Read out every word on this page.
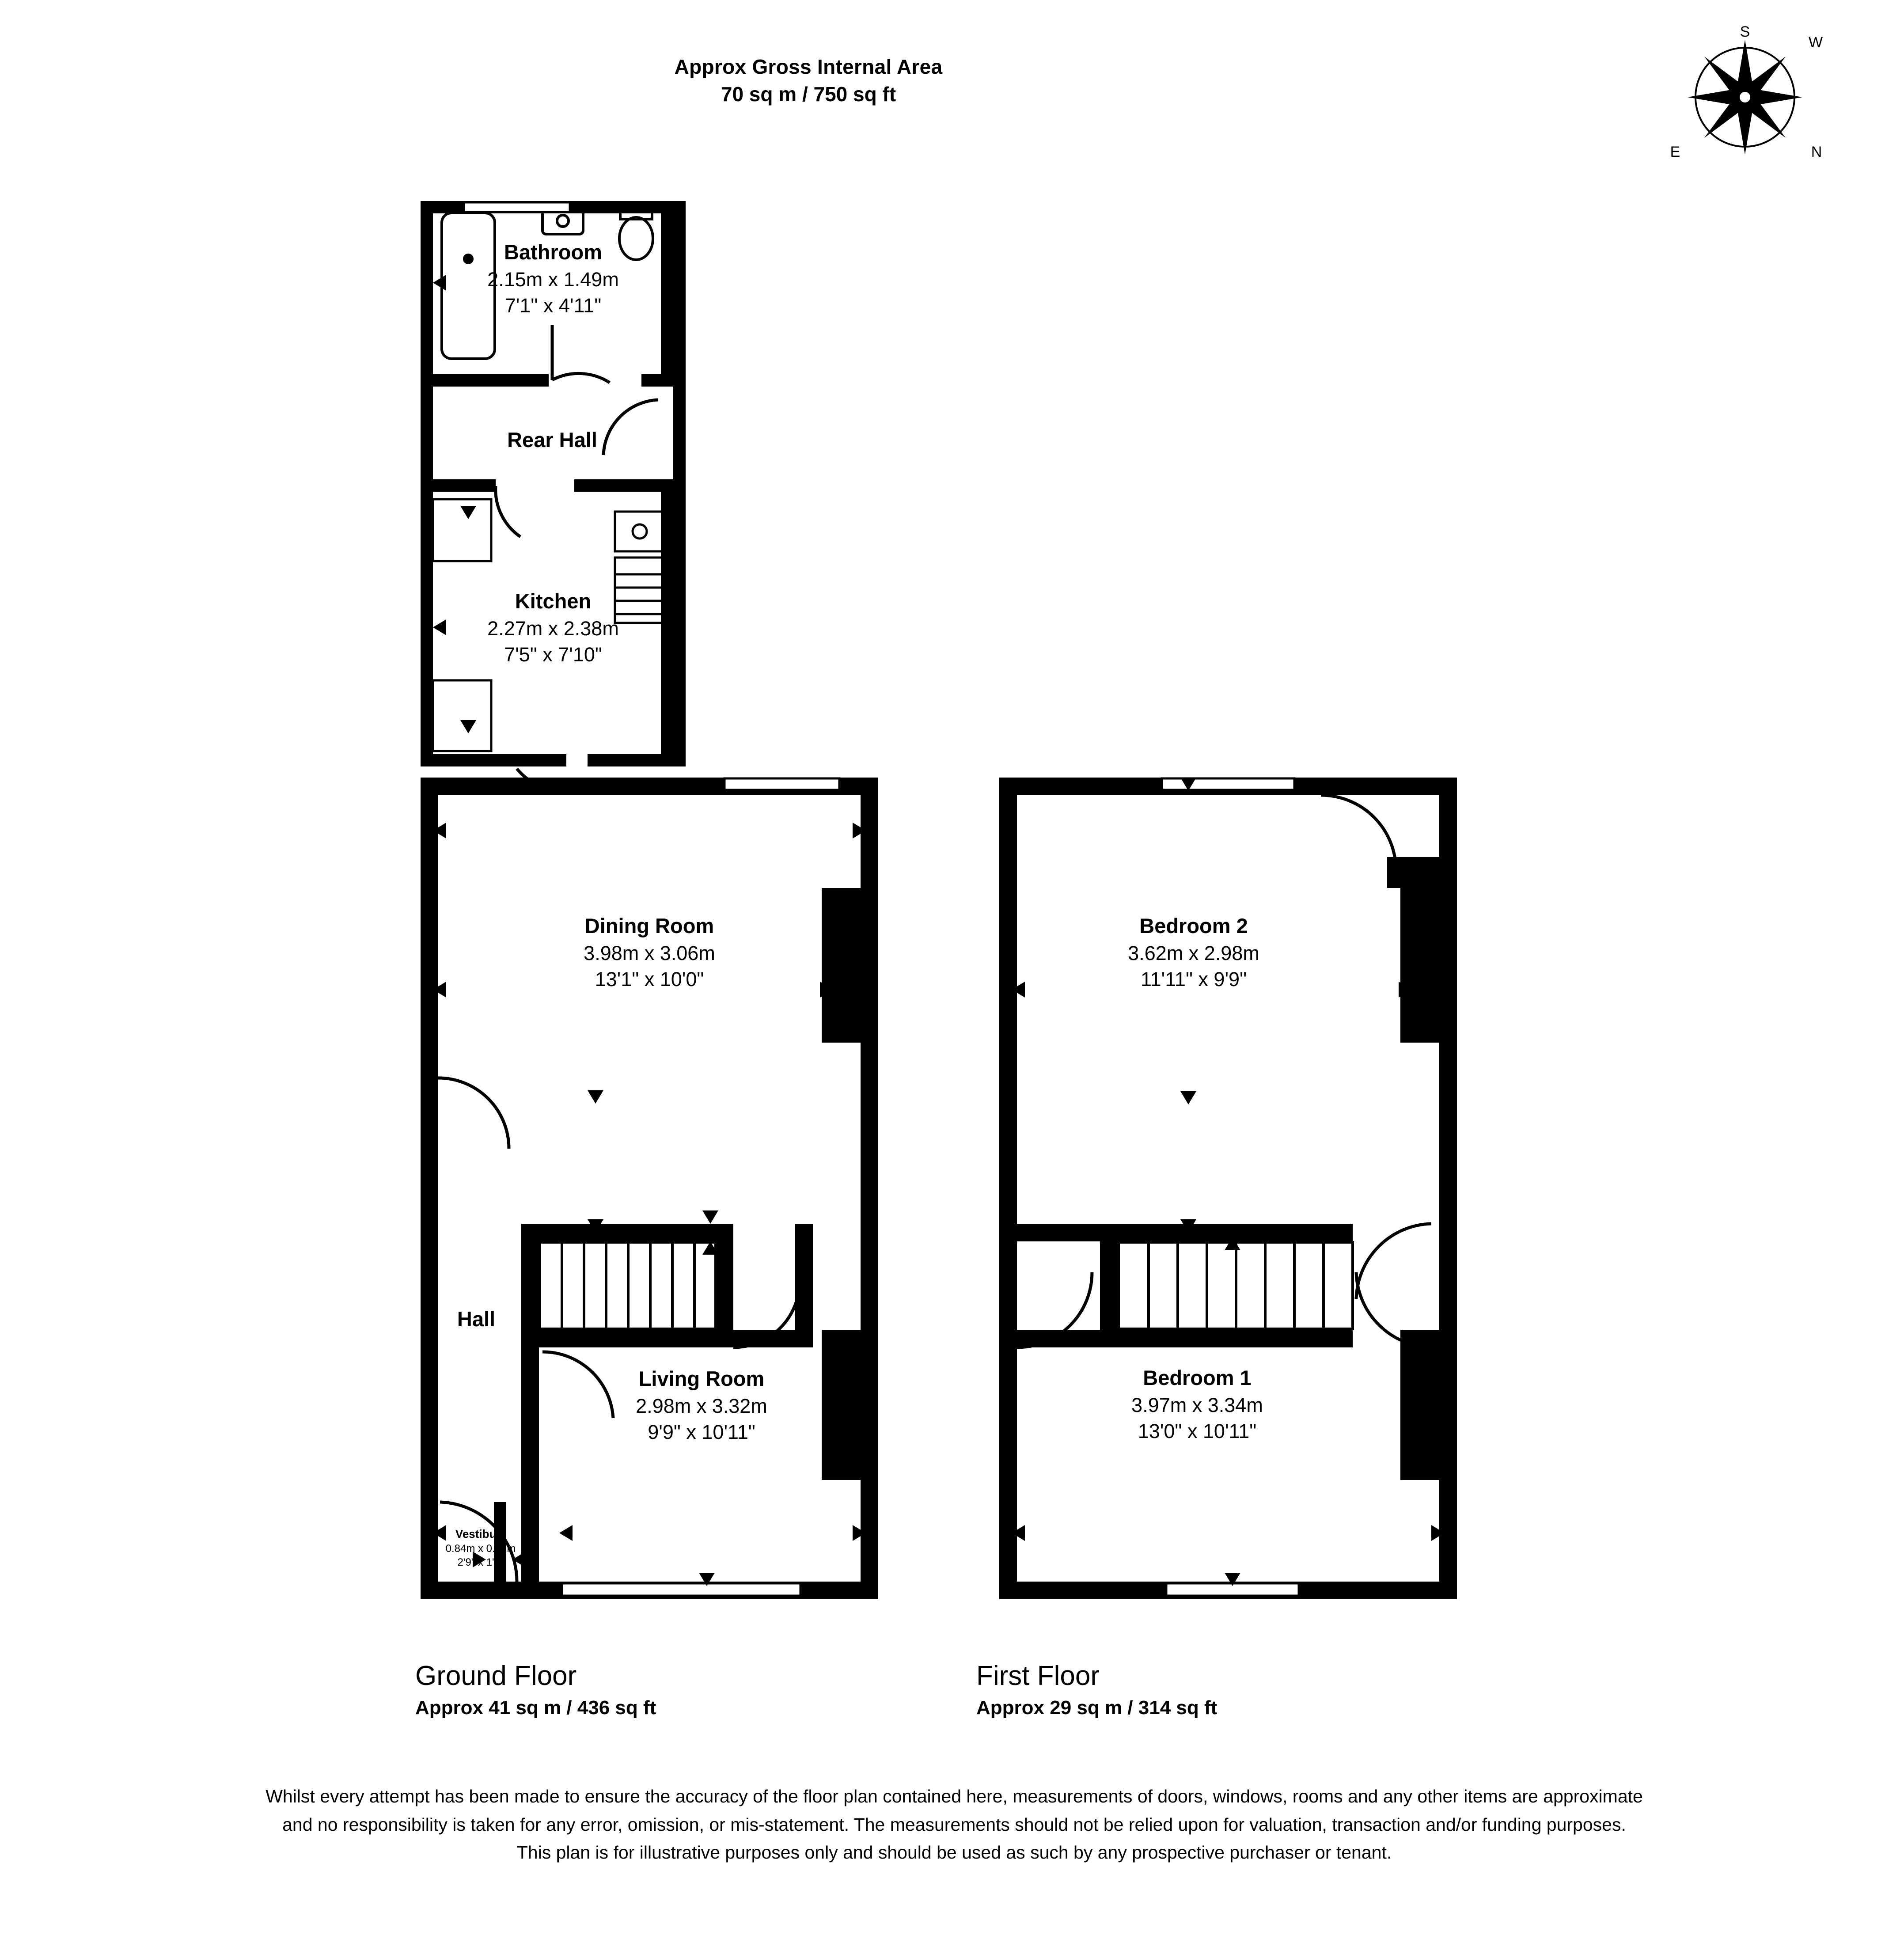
Approx Gross Internal Area
70 sq m / 750 sq ft
S
W
N
E
Bathroom
2.15m x 1.49m
7'1" x 4'11"
Rear Hall
Kitchen
2.27m x 2.38m
7'5" x 7'10"
Dining Room
3.98m x 3.06m
13'1" x 10'0"
Hall
Living Room
2.98m x 3.32m
9'9" x 10'11"
Vestibule
0.84m x 0.52m
2'9" x 1'8"
Bedroom 2
3.62m x 2.98m
11'11" x 9'9"
Bedroom 1
3.97m x 3.34m
13'0" x 10'11"
Ground Floor
Approx 41 sq m / 436 sq ft
First Floor
Approx 29 sq m / 314 sq ft
Whilst every attempt has been made to ensure the accuracy of the floor plan contained here, measurements of doors, windows, rooms and any other items are approximate and no responsibility is taken for any error, omission, or mis-statement. The measurements should not be relied upon for valuation, transaction and/or funding purposes. This plan is for illustrative purposes only and should be used as such by any prospective purchaser or tenant.
